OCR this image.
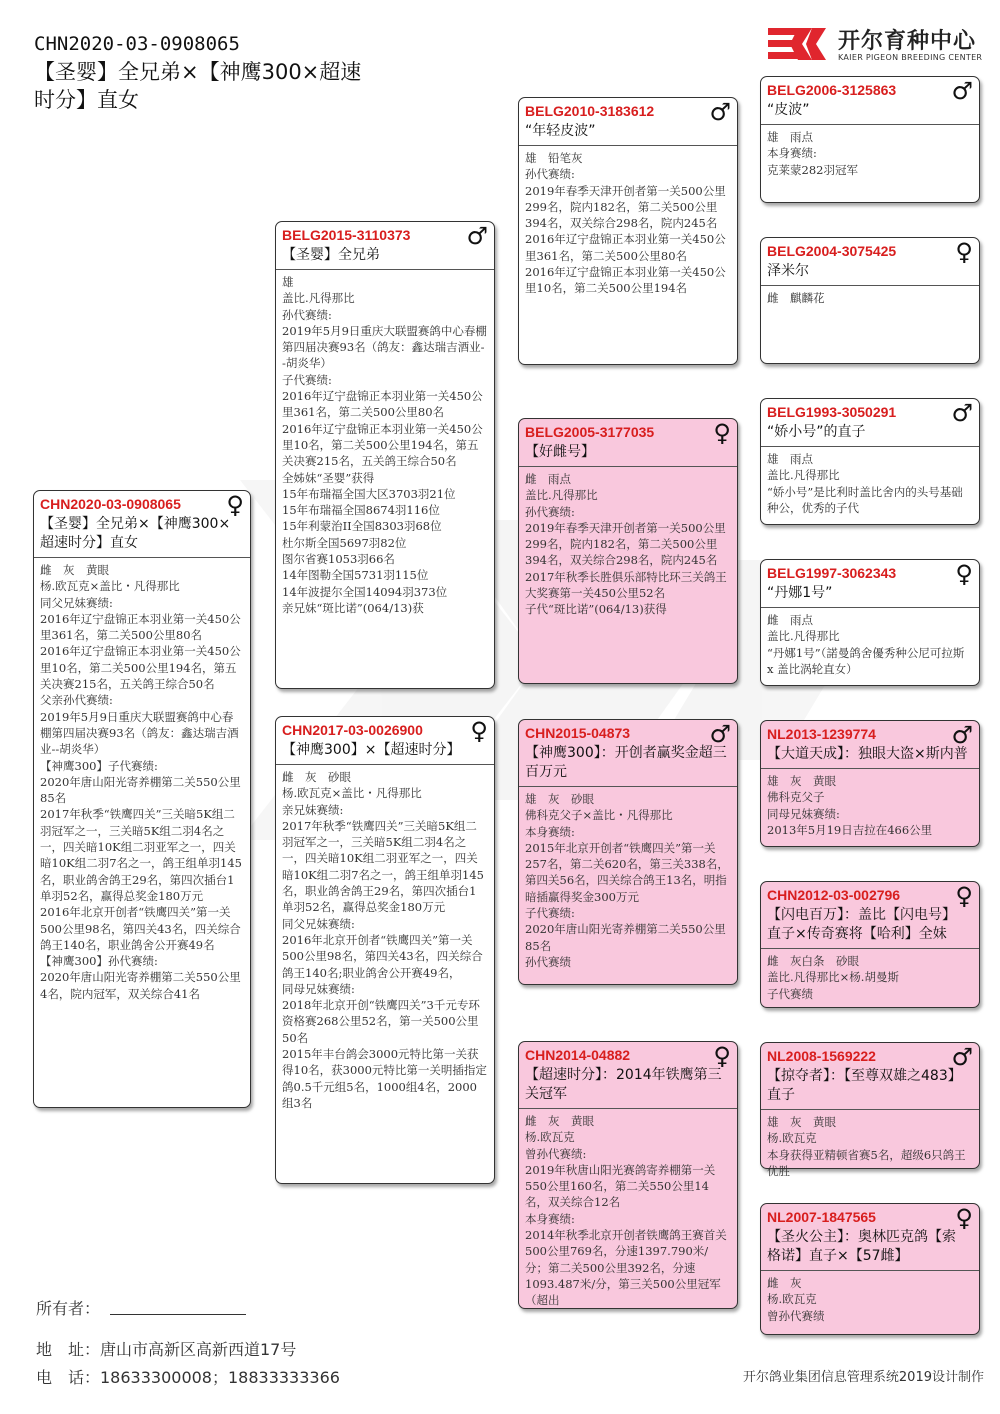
CHN2020-03-0908065
【圣婴】全兄弟×【神鹰300×超速
时分】直女
开尔育种中心
KAIER PIGEON BREEDING CENTER
CHN2020-03-0908065	♀
【圣婴】全兄弟×【神鹰300×超速时分】直女
雌　灰　黄眼
杨.欧瓦克×盖比・凡得那比
同父兄妹赛绩:
2016年辽宁盘锦正本羽业第一关450公里361名，第二关500公里80名
2016年辽宁盘锦正本羽业第一关450公里10名，第二关500公里194名，第五关决赛215名，五关鸽王综合50名
父亲孙代赛绩:
2019年5月9日重庆大联盟赛鸽中心春棚第四届决赛93名（鸽友：鑫达瑞吉酒业--胡炎华）
【神鹰300】子代赛绩:
2020年唐山阳光寄养棚第二关550公里85名
2017年秋季“铁鹰四关”三关暗5K组二羽冠军之一，三关暗5K组二羽4名之一，四关暗10K组二羽亚军之一，四关暗10K组二羽7名之一，鸽王组单羽145名，职业鸽舍鸽王29名，第四次插台1 单羽52名，赢得总奖金180万元
2016年北京开创者“铁鹰四关”第一关500公里98名，第四关43名，四关综合鸽王140名，职业鸽舍公开赛49名
【神鹰300】孙代赛绩:
2020年唐山阳光寄养棚第二关550公里4名，院内冠军，双关综合41名
BELG2015-3110373	♂
【圣婴】全兄弟
雄
盖比.凡得那比
孙代赛绩:
2019年5月9日重庆大联盟赛鸽中心春棚第四届决赛93名（鸽友：鑫达瑞吉酒业--胡炎华）
子代赛绩:
2016年辽宁盘锦正本羽业第一关450公里361名，第二关500公里80名
2016年辽宁盘锦正本羽业第一关450公里10名，第二关500公里194名，第五关决赛215名，五关鸽王综合50名
全姊妹“圣婴”获得
15年布瑞福全国大区3703羽21位
15年布瑞福全国8674羽116位
15年利蒙治II全国8303羽68位
杜尔斯全国5697羽82位
图尔省赛1053羽66名
14年图勒全国5731羽115位
14年波提尔全国14094羽373位
亲兄妹“斑比诺”(064/13)获
CHN2017-03-0026900	♀
【神鹰300】×【超速时分】
雌　灰　砂眼
杨.欧瓦克×盖比・凡得那比
亲兄妹赛绩:
2017年秋季“铁鹰四关”三关暗5K组二羽冠军之一，三关暗5K组二羽4名之一，四关暗10K组二羽亚军之一，四关暗10K组二羽7名之一，鸽王组单羽145名，职业鸽舍鸽王29名，第四次插台1 单羽52名，赢得总奖金180万元
同父兄妹赛绩:
2016年北京开创者“铁鹰四关”第一关500公里98名，第四关43名，四关综合鸽王140名;职业鸽舍公开赛49名，
同母兄妹赛绩:
2018年北京开创“铁鹰四关”3千元专环资格赛268公里52名，第一关500公里50名
2015年丰台鸽会3000元特比第一关获得10名，获3000元特比第一关明插指定鸽0.5千元组5名，1000组4名，2000组3名
BELG2010-3183612	♂
“年轻皮波”
雄　铅笔灰
孙代赛绩:
2019年春季天津开创者第一关500公里299名，院内182名，第二关500公里394名，双关综合298名，院内245名
2016年辽宁盘锦正本羽业第一关450公里361名，第二关500公里80名
2016年辽宁盘锦正本羽业第一关450公里10名，第二关500公里194名
BELG2005-3177035	♀
【好雌号】
雌　雨点
盖比.凡得那比
孙代赛绩:
2019年春季天津开创者第一关500公里299名，院内182名，第二关500公里394名，双关综合298名，院内245名
2017年秋季长胜俱乐部特比环三关鸽王大奖赛第一关450公里52名
子代“斑比诺”(064/13)获得
CHN2015-04873	♂
【神鹰300】：开创者赢奖金超三百万元
雄　灰　砂眼
佛科克父子×盖比・凡得那比
本身赛绩:
2015年北京开创者“铁鹰四关”第一关257名，第二关620名，第三关338名，第四关56名，四关综合鸽王13名，明指暗插赢得奖金300万元
子代赛绩:
2020年唐山阳光寄养棚第二关550公里85名
孙代赛绩
CHN2014-04882	♀
【超速时分】：2014年铁鹰第三关冠军
雌　灰　黄眼
杨.欧瓦克
曾孙代赛绩:
2019年秋唐山阳光赛鸽寄养棚第一关550公里160名，第二关550公里14名，双关综合12名
本身赛绩:
2014年秋季北京开创者铁鹰鸽王赛首关500公里769名，分速1397.790米/分；第二关500公里392名，分速1093.487米/分，第三关500公里冠军（超出
BELG2006-3125863	♂
“皮波”
雄　雨点
本身赛绩:
克莱蒙282羽冠军
BELG2004-3075425	♀
泽米尔
雌　麒麟花
BELG1993-3050291	♂
“娇小号”的直子
雄　雨点
盖比.凡得那比
“娇小号”是比利时盖比舍内的头号基础种公，优秀的子代
BELG1997-3062343	♀
“丹娜1号”
雌　雨点
盖比.凡得那比
“丹娜1号”（諾曼鸽舍優秀种公尼可拉斯 x 盖比涡轮直女）
NL2013-1239774	♂
【大道天成】：独眼大盗×斯内普
雄　灰　黄眼
佛科克父子
同母兄妹赛绩:
2013年5月19日吉拉在466公里
CHN2012-03-002796	♀
【闪电百万】：盖比【闪电号】直子×传奇赛将【哈利】全妹
雌　灰白条　砂眼
盖比.凡得那比×杨.胡曼斯
子代赛绩
NL2008-1569222	♂
【掠夺者】：【至尊双雄之483】直子
雄　灰　黄眼
杨.欧瓦克
本身获得亚精顿省赛5名，超级6只鸽王优胜
NL2007-1847565	♀
【圣火公主】：奥林匹克鸽【索格诺】直子×【57雌】
雌　灰
杨.欧瓦克
曾孙代赛绩
所有者：
地　址：唐山市高新区高新西道17号
电　话：18633300008；18833333366	开尔鸽业集团信息管理系统2019设计制作
